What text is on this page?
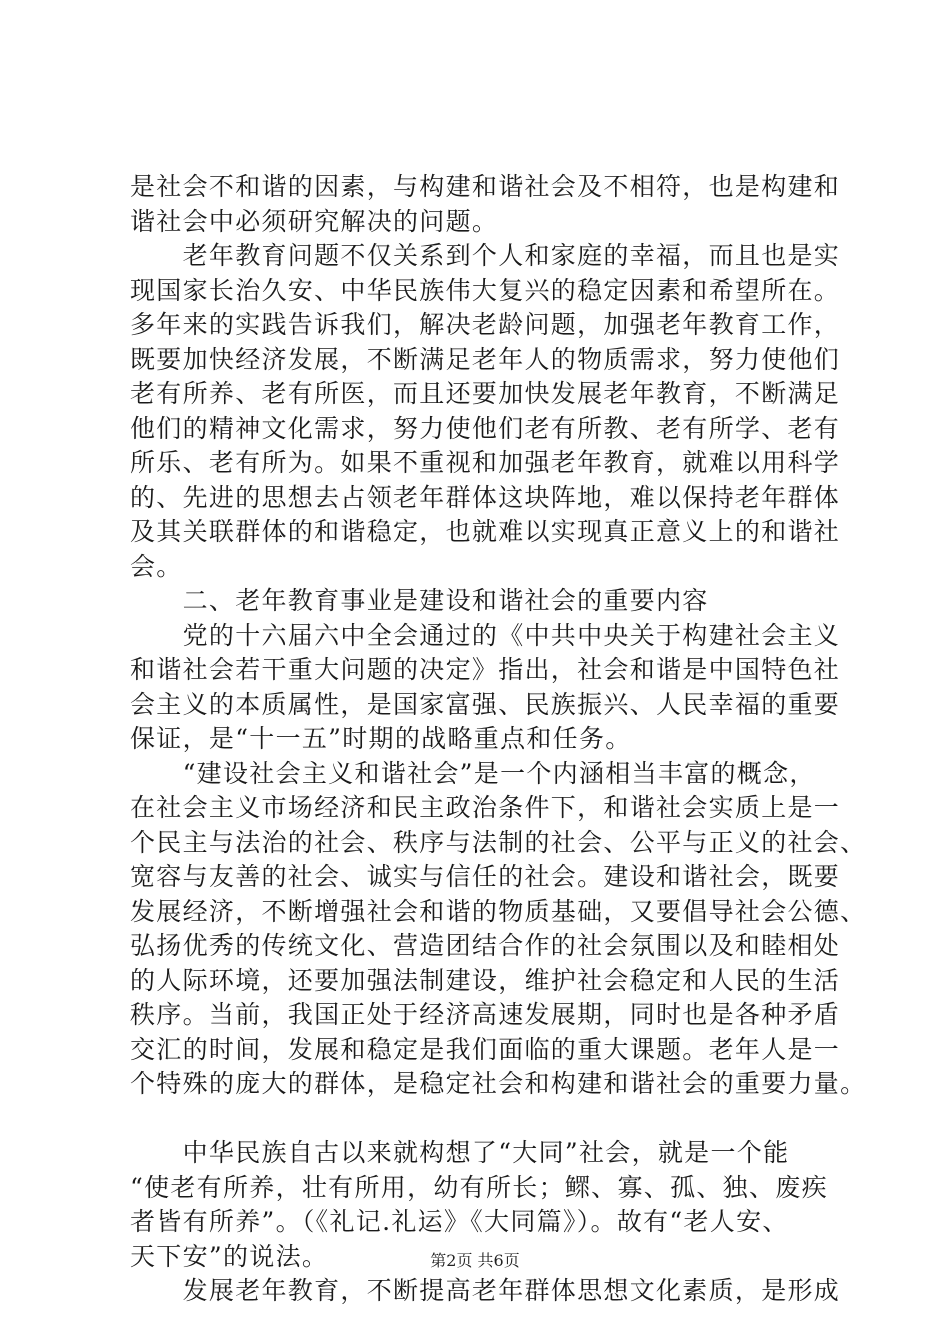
是社会不和谐的因素，与构建和谐社会及不相符，也是构建和
谐社会中必须研究解决的问题。
　　老年教育问题不仅关系到个人和家庭的幸福，而且也是实
现国家长治久安、中华民族伟大复兴的稳定因素和希望所在。
多年来的实践告诉我们，解决老龄问题，加强老年教育工作，
既要加快经济发展，不断满足老年人的物质需求，努力使他们
老有所养、老有所医，而且还要加快发展老年教育，不断满足
他们的精神文化需求，努力使他们老有所教、老有所学、老有
所乐、老有所为。如果不重视和加强老年教育，就难以用科学
的、先进的思想去占领老年群体这块阵地，难以保持老年群体
及其关联群体的和谐稳定，也就难以实现真正意义上的和谐社
会。
　　二、老年教育事业是建设和谐社会的重要内容
　　党的十六届六中全会通过的《中共中央关于构建社会主义
和谐社会若干重大问题的决定》指出，社会和谐是中国特色社
会主义的本质属性，是国家富强、民族振兴、人民幸福的重要
保证，是“十一五”时期的战略重点和任务。
　　“建设社会主义和谐社会”是一个内涵相当丰富的概念，
在社会主义市场经济和民主政治条件下，和谐社会实质上是一
个民主与法治的社会、秩序与法制的社会、公平与正义的社会、
宽容与友善的社会、诚实与信任的社会。建设和谐社会，既要
发展经济，不断增强社会和谐的物质基础，又要倡导社会公德、
弘扬优秀的传统文化、营造团结合作的社会氛围以及和睦相处
的人际环境，还要加强法制建设，维护社会稳定和人民的生活
秩序。当前，我国正处于经济高速发展期，同时也是各种矛盾
交汇的时间，发展和稳定是我们面临的重大课题。老年人是一
个特殊的庞大的群体，是稳定社会和构建和谐社会的重要力量。
　　中华民族自古以来就构想了“大同”社会，就是一个能
“使老有所养，壮有所用，幼有所长；鳏、寡、孤、独、废疾
者皆有所养”。（《礼记.礼运》《大同篇》）。故有“老人安、
天下安”的说法。
　　发展老年教育，不断提高老年群体思想文化素质，是形成
第2页 共6页
